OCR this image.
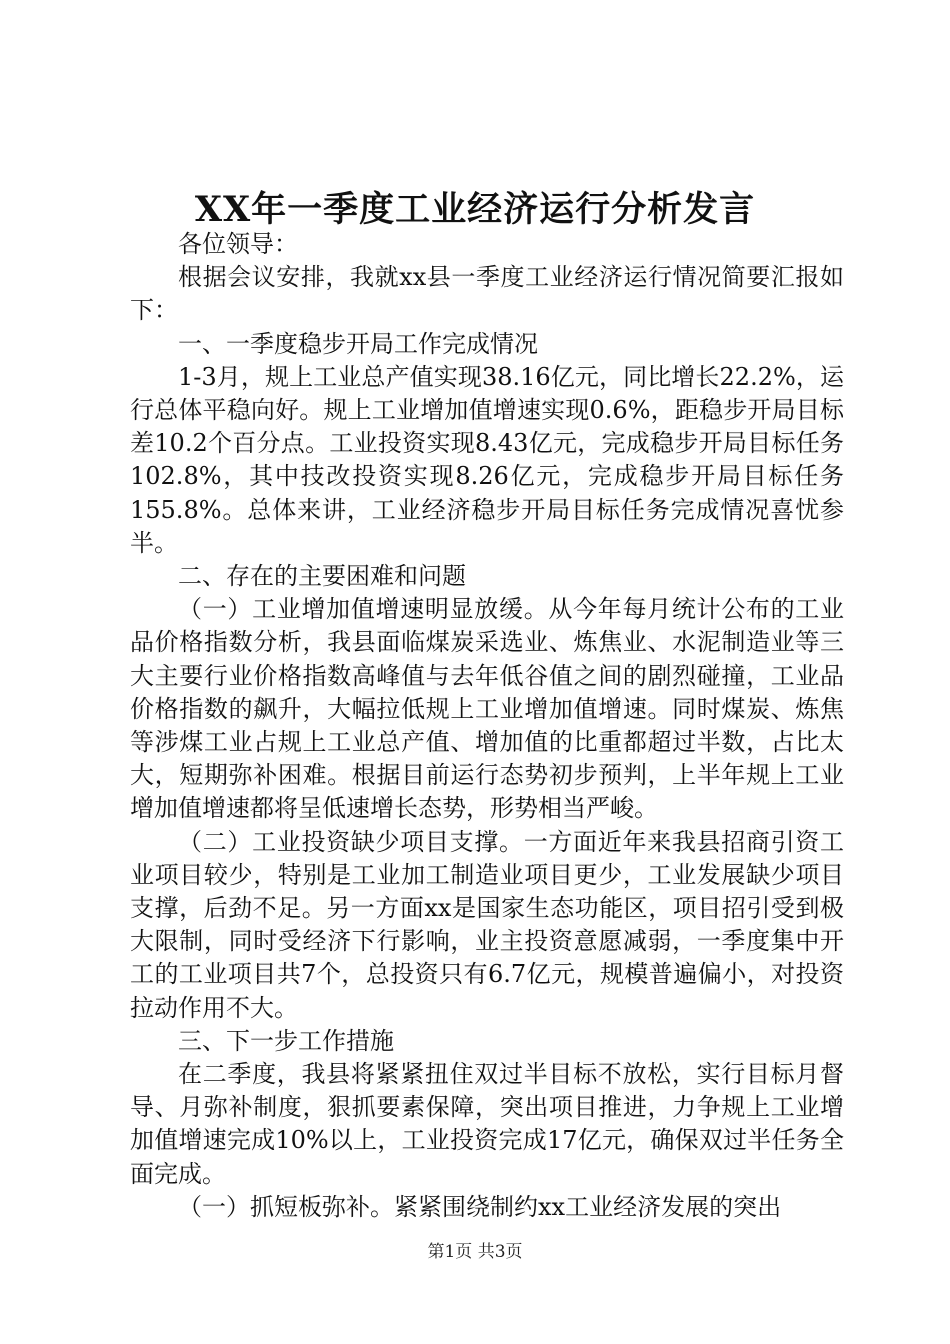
XX年一季度工业经济运行分析发言

各位领导：

根据会议安排，我就xx县一季度工业经济运行情况简要汇报如下：

一、一季度稳步开局工作完成情况

1-3月，规上工业总产值实现38.16亿元，同比增长22.2%，运行总体平稳向好。规上工业增加值增速实现0.6%，距稳步开局目标差10.2个百分点。工业投资实现8.43亿元，完成稳步开局目标任务102.8%，其中技改投资实现8.26亿元，完成稳步开局目标任务155.8%。总体来讲，工业经济稳步开局目标任务完成情况喜忧参半。

二、存在的主要困难和问题

（一）工业增加值增速明显放缓。从今年每月统计公布的工业品价格指数分析，我县面临煤炭采选业、炼焦业、水泥制造业等三大主要行业价格指数高峰值与去年低谷值之间的剧烈碰撞，工业品价格指数的飙升，大幅拉低规上工业增加值增速。同时煤炭、炼焦等涉煤工业占规上工业总产值、增加值的比重都超过半数，占比太大，短期弥补困难。根据目前运行态势初步预判，上半年规上工业增加值增速都将呈低速增长态势，形势相当严峻。

（二）工业投资缺少项目支撑。一方面近年来我县招商引资工业项目较少，特别是工业加工制造业项目更少，工业发展缺少项目支撑，后劲不足。另一方面xx是国家生态功能区，项目招引受到极大限制，同时受经济下行影响，业主投资意愿减弱，一季度集中开工的工业项目共7个，总投资只有6.7亿元，规模普遍偏小，对投资拉动作用不大。

三、下一步工作措施

在二季度，我县将紧紧扭住双过半目标不放松，实行目标月督导、月弥补制度，狠抓要素保障，突出项目推进，力争规上工业增加值增速完成10%以上，工业投资完成17亿元，确保双过半任务全面完成。

（一）抓短板弥补。紧紧围绕制约xx工业经济发展的突出

第1页 共3页
